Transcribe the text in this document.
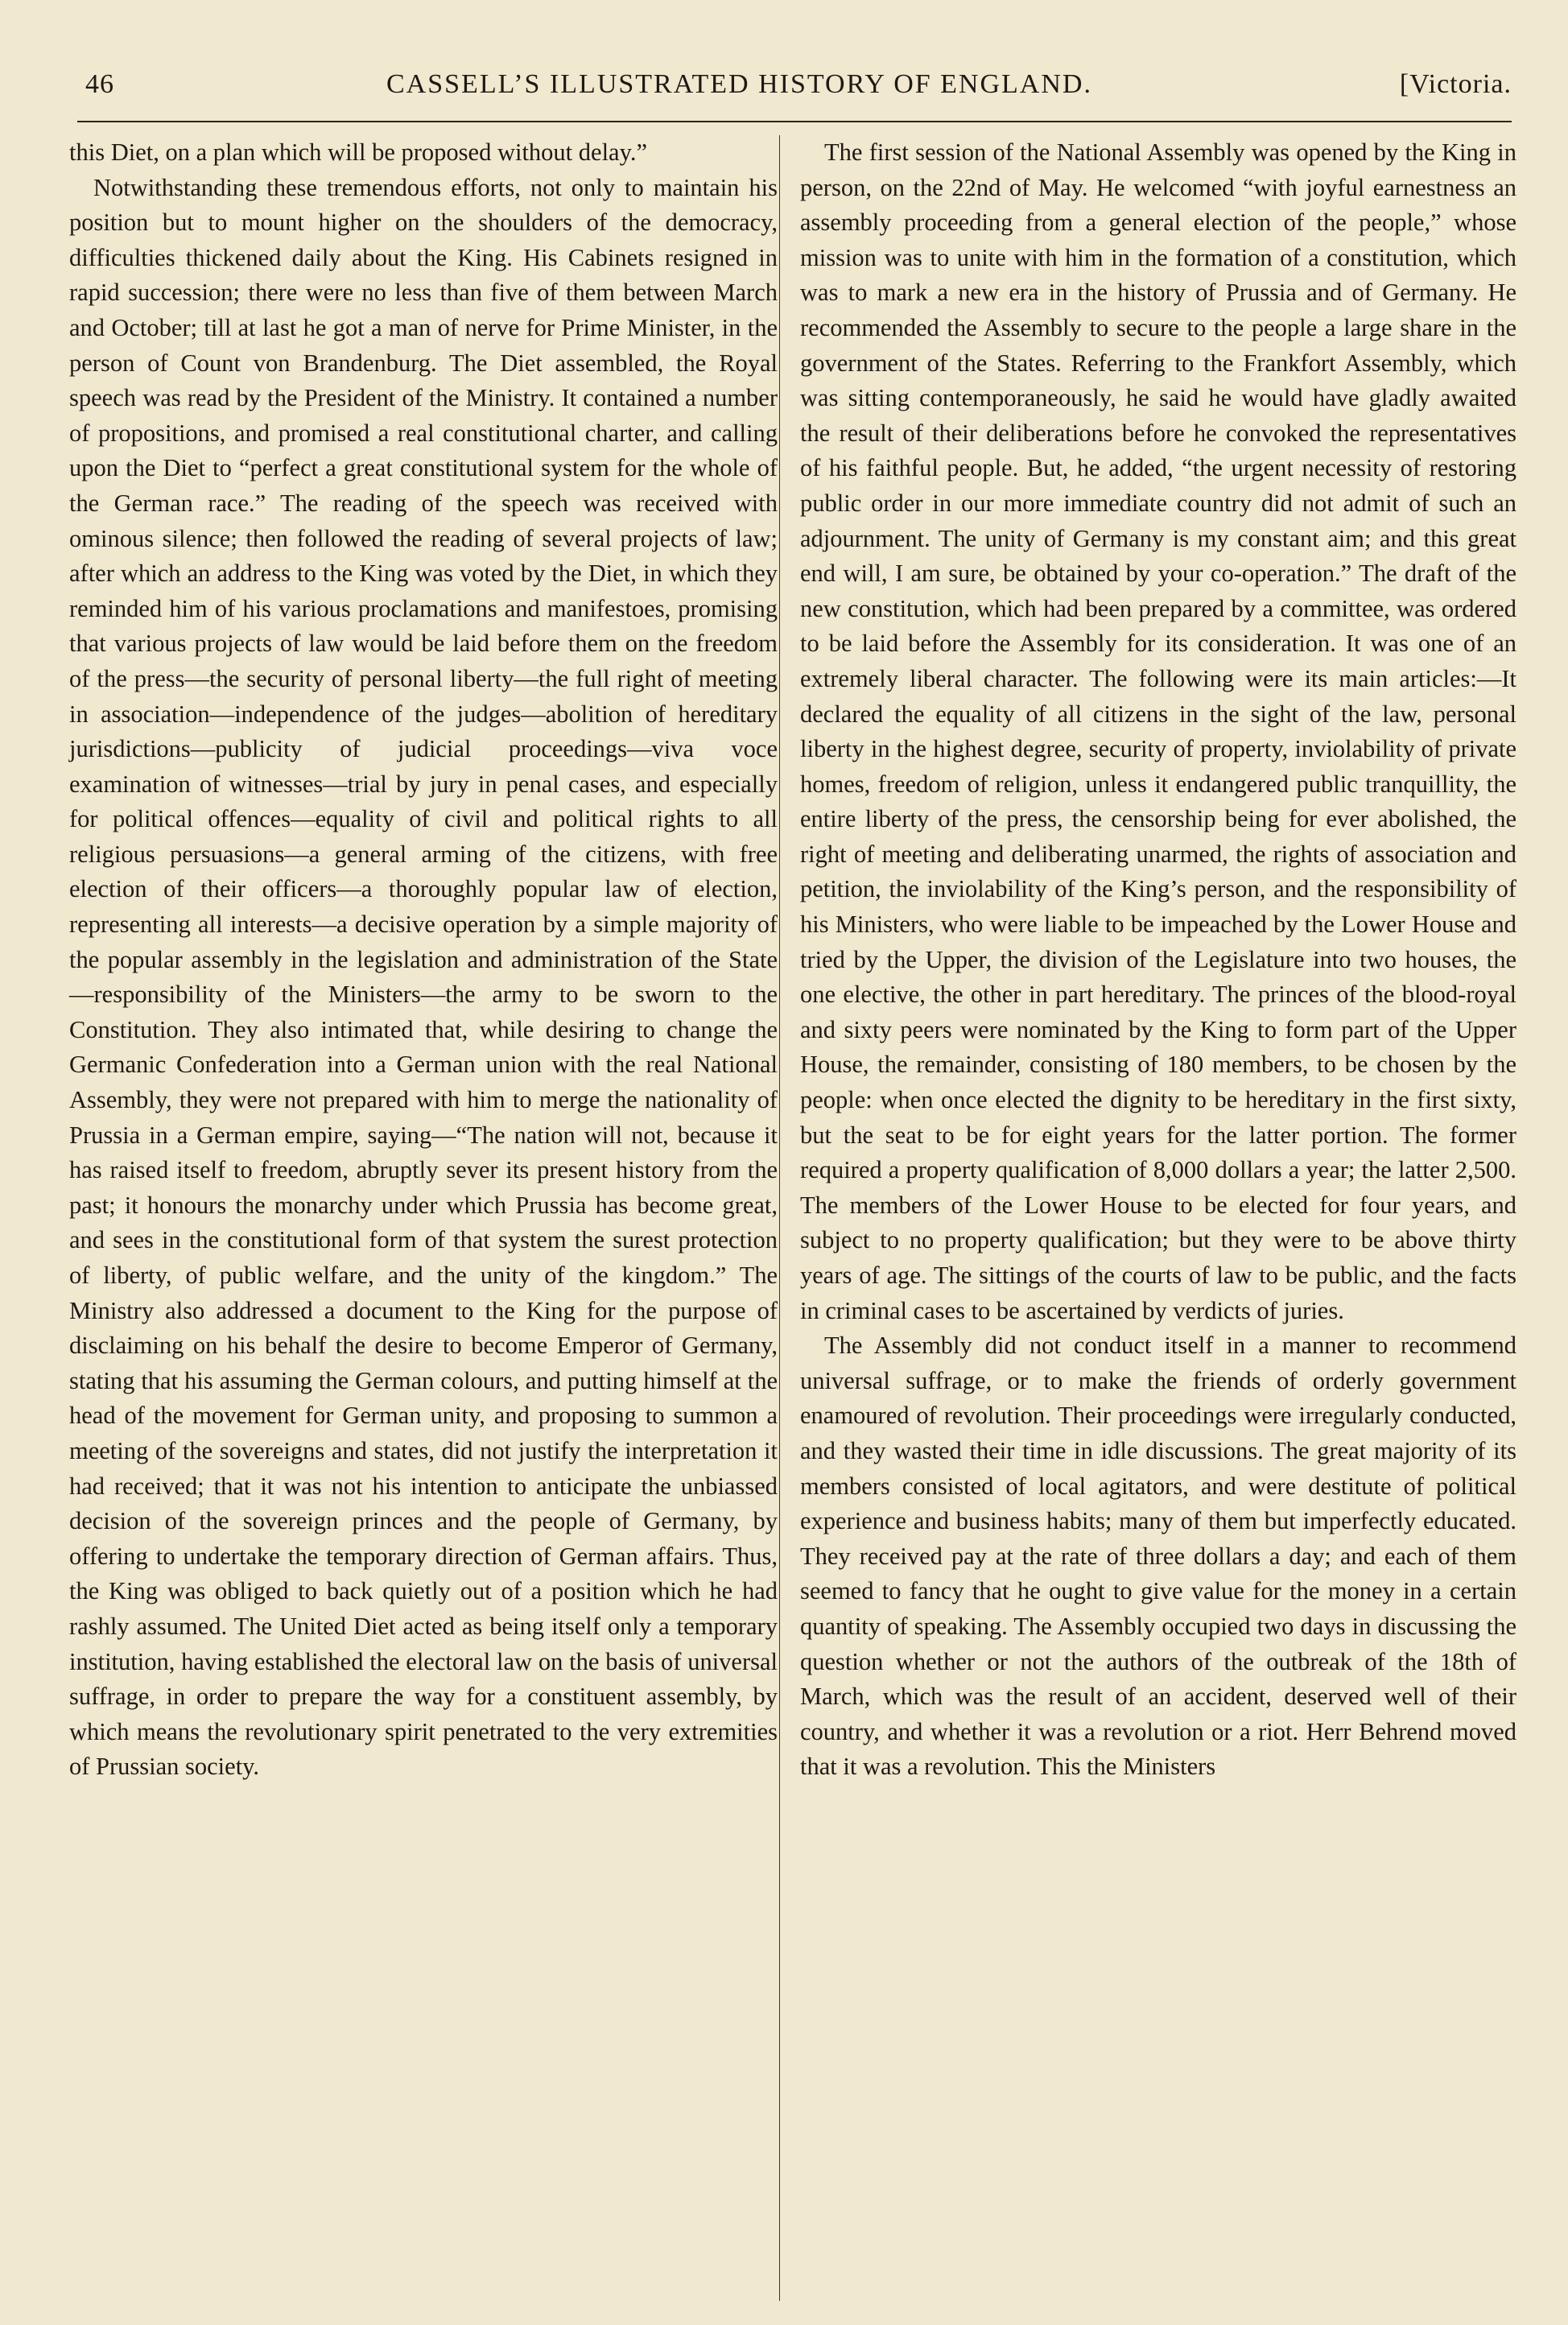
46	CASSELL’S ILLUSTRATED HISTORY OF ENGLAND.	[Victoria.

this Diet, on a plan which will be proposed without delay.”

Notwithstanding these tremendous efforts, not only to maintain his position but to mount higher on the shoulders of the democracy, difficulties thickened daily about the King. His Cabinets resigned in rapid succession; there were no less than five of them between March and October; till at last he got a man of nerve for Prime Minister, in the person of Count von Brandenburg. The Diet assembled, the Royal speech was read by the President of the Ministry. It contained a number of propositions, and promised a real constitutional charter, and calling upon the Diet to “perfect a great constitutional system for the whole of the German race.” The reading of the speech was received with ominous silence; then followed the reading of several projects of law; after which an address to the King was voted by the Diet, in which they reminded him of his various proclamations and manifestoes, promising that various projects of law would be laid before them on the freedom of the press—the security of personal liberty—the full right of meeting in association—independence of the judges—abolition of hereditary jurisdictions—publicity of judicial proceedings—viva voce examination of witnesses—trial by jury in penal cases, and especially for political offences—equality of civil and political rights to all religious persuasions—a general arming of the citizens, with free election of their officers—a thoroughly popular law of election, representing all interests—a decisive operation by a simple majority of the popular assembly in the legislation and administration of the State—responsibility of the Ministers—the army to be sworn to the Constitution. They also intimated that, while desiring to change the Germanic Confederation into a German union with the real National Assembly, they were not prepared with him to merge the nationality of Prussia in a German empire, saying—“The nation will not, because it has raised itself to freedom, abruptly sever its present history from the past; it honours the monarchy under which Prussia has become great, and sees in the constitutional form of that system the surest protection of liberty, of public welfare, and the unity of the kingdom.” The Ministry also addressed a document to the King for the purpose of disclaiming on his behalf the desire to become Emperor of Germany, stating that his assuming the German colours, and putting himself at the head of the movement for German unity, and proposing to summon a meeting of the sovereigns and states, did not justify the interpretation it had received; that it was not his intention to anticipate the unbiassed decision of the sovereign princes and the people of Germany, by offering to undertake the temporary direction of German affairs. Thus, the King was obliged to back quietly out of a position which he had rashly assumed. The United Diet acted as being itself only a temporary institution, having established the electoral law on the basis of universal suffrage, in order to prepare the way for a constituent assembly, by which means the revolutionary spirit penetrated to the very extremities of Prussian society.

The first session of the National Assembly was opened by the King in person, on the 22nd of May. He welcomed “with joyful earnestness an assembly proceeding from a general election of the people,” whose mission was to unite with him in the formation of a constitution, which was to mark a new era in the history of Prussia and of Germany. He recommended the Assembly to secure to the people a large share in the government of the States. Referring to the Frankfort Assembly, which was sitting contemporaneously, he said he would have gladly awaited the result of their deliberations before he convoked the representatives of his faithful people. But, he added, “the urgent necessity of restoring public order in our more immediate country did not admit of such an adjournment. The unity of Germany is my constant aim; and this great end will, I am sure, be obtained by your co-operation.” The draft of the new constitution, which had been prepared by a committee, was ordered to be laid before the Assembly for its consideration. It was one of an extremely liberal character. The following were its main articles:—It declared the equality of all citizens in the sight of the law, personal liberty in the highest degree, security of property, inviolability of private homes, freedom of religion, unless it endangered public tranquillity, the entire liberty of the press, the censorship being for ever abolished, the right of meeting and deliberating unarmed, the rights of association and petition, the inviolability of the King’s person, and the responsibility of his Ministers, who were liable to be impeached by the Lower House and tried by the Upper, the division of the Legislature into two houses, the one elective, the other in part hereditary. The princes of the blood-royal and sixty peers were nominated by the King to form part of the Upper House, the remainder, consisting of 180 members, to be chosen by the people: when once elected the dignity to be hereditary in the first sixty, but the seat to be for eight years for the latter portion. The former required a property qualification of 8,000 dollars a year; the latter 2,500. The members of the Lower House to be elected for four years, and subject to no property qualification; but they were to be above thirty years of age. The sittings of the courts of law to be public, and the facts in criminal cases to be ascertained by verdicts of juries.

The Assembly did not conduct itself in a manner to recommend universal suffrage, or to make the friends of orderly government enamoured of revolution. Their proceedings were irregularly conducted, and they wasted their time in idle discussions. The great majority of its members consisted of local agitators, and were destitute of political experience and business habits; many of them but imperfectly educated. They received pay at the rate of three dollars a day; and each of them seemed to fancy that he ought to give value for the money in a certain quantity of speaking. The Assembly occupied two days in discussing the question whether or not the authors of the outbreak of the 18th of March, which was the result of an accident, deserved well of their country, and whether it was a revolution or a riot. Herr Behrend moved that it was a revolution. This the Ministers
